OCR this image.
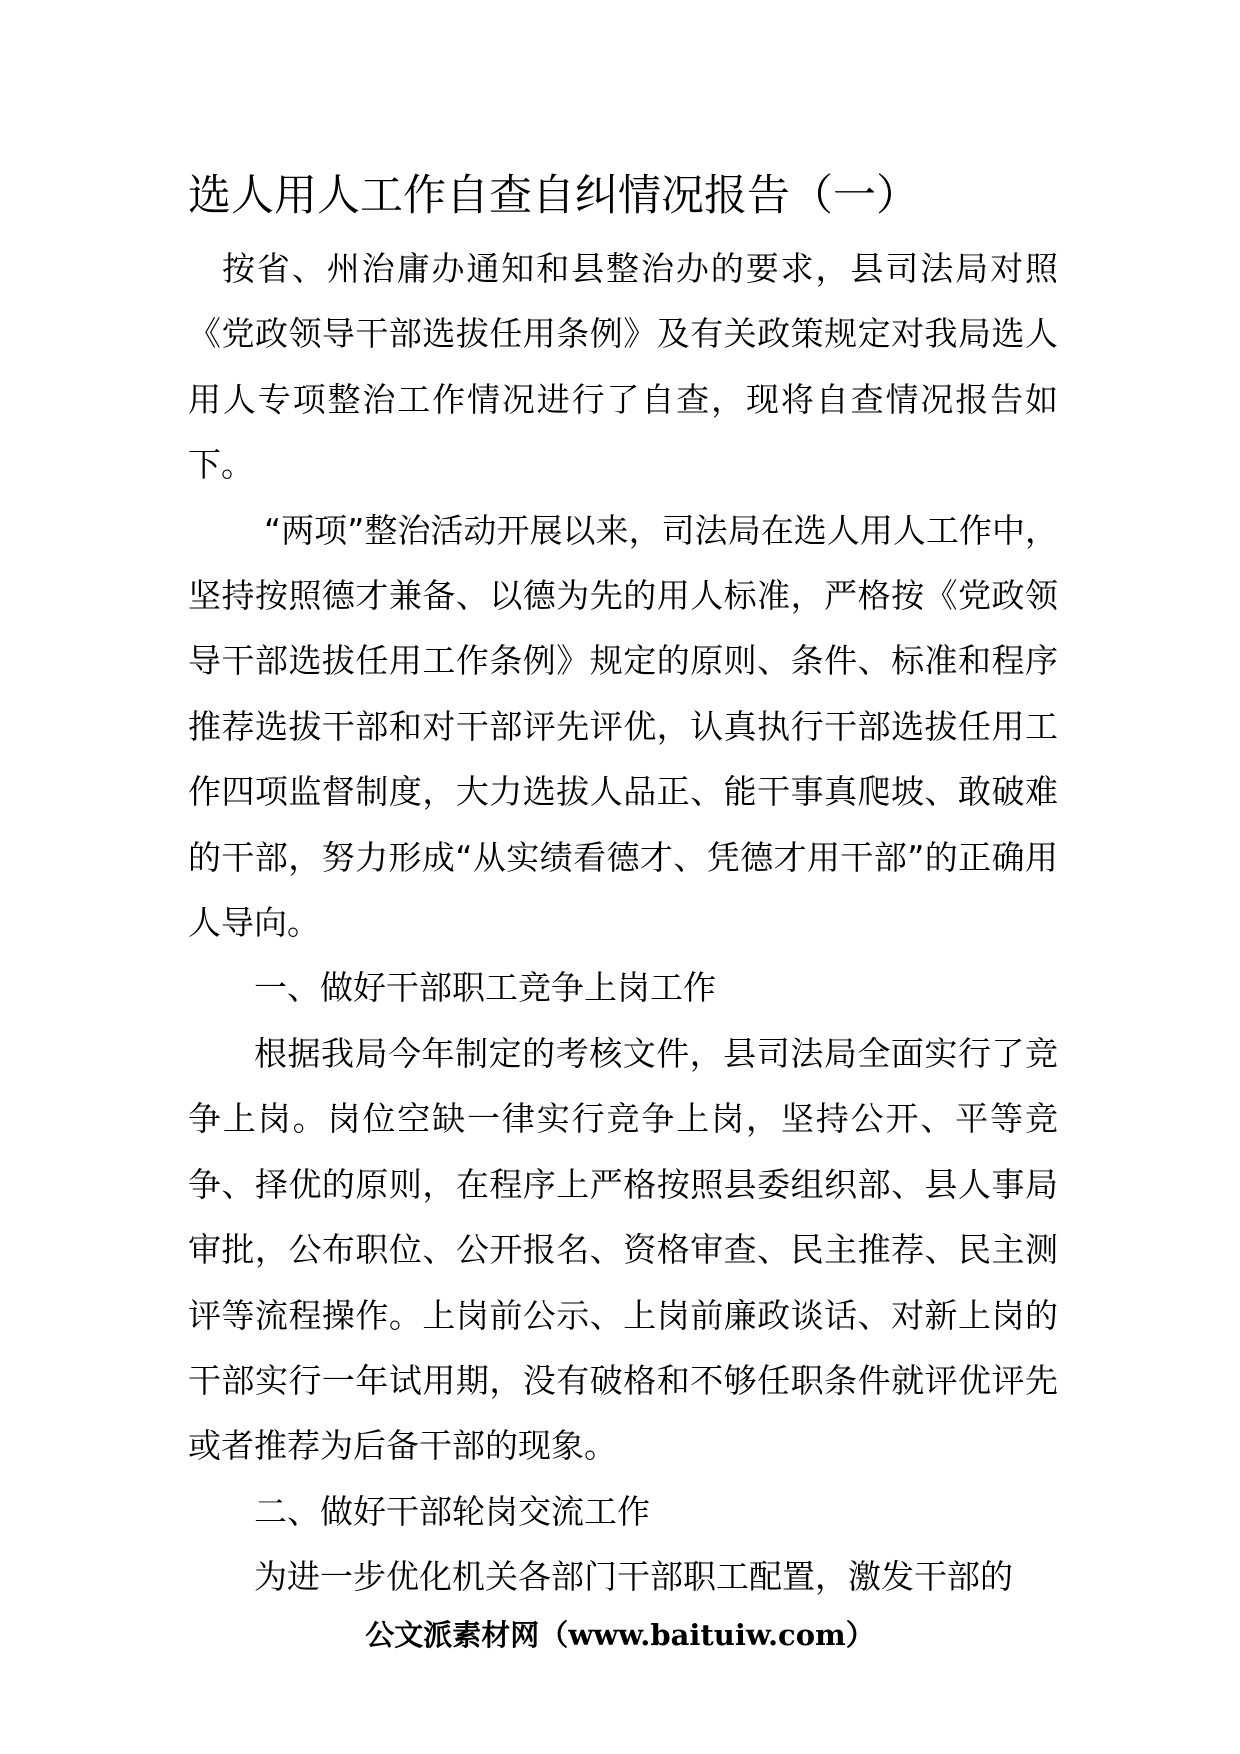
选人用人工作自查自纠情况报告（一）

按省、州治庸办通知和县整治办的要求，县司法局对照《党政领导干部选拔任用条例》及有关政策规定对我局选人用人专项整治工作情况进行了自查，现将自查情况报告如下。

“两项”整治活动开展以来，司法局在选人用人工作中，坚持按照德才兼备、以德为先的用人标准，严格按《党政领导干部选拔任用工作条例》规定的原则、条件、标准和程序推荐选拔干部和对干部评先评优，认真执行干部选拔任用工作四项监督制度，大力选拔人品正、能干事真爬坡、敢破难的干部，努力形成“从实绩看德才、凭德才用干部”的正确用人导向。

一、做好干部职工竞争上岗工作

根据我局今年制定的考核文件，县司法局全面实行了竞争上岗。岗位空缺一律实行竞争上岗，坚持公开、平等竞争、择优的原则，在程序上严格按照县委组织部、县人事局审批，公布职位、公开报名、资格审查、民主推荐、民主测评等流程操作。上岗前公示、上岗前廉政谈话、对新上岗的干部实行一年试用期，没有破格和不够任职条件就评优评先或者推荐为后备干部的现象。

二、做好干部轮岗交流工作

为进一步优化机关各部门干部职工配置，激发干部的

公文派素材网（www.baituiw.com）
